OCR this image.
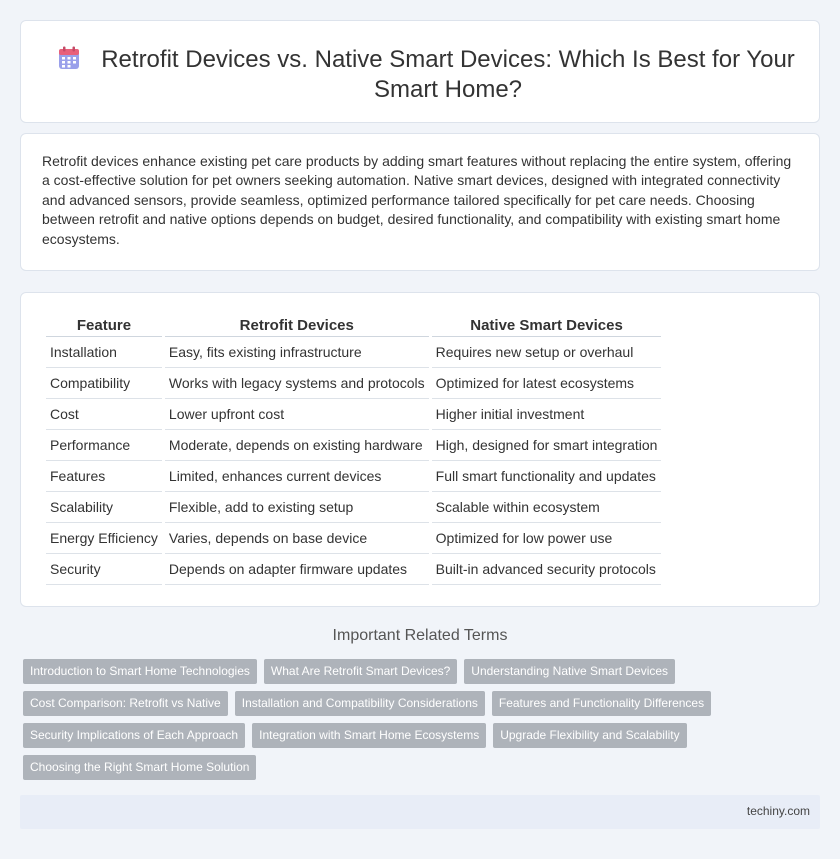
Retrofit Devices vs. Native Smart Devices: Which Is Best for Your Smart Home?

Retrofit devices enhance existing pet care products by adding smart features without replacing the entire system, offering a cost-effective solution for pet owners seeking automation. Native smart devices, designed with integrated connectivity and advanced sensors, provide seamless, optimized performance tailored specifically for pet care needs. Choosing between retrofit and native options depends on budget, desired functionality, and compatibility with existing smart home ecosystems.

Feature	Retrofit Devices	Native Smart Devices
Installation	Easy, fits existing infrastructure	Requires new setup or overhaul
Compatibility	Works with legacy systems and protocols	Optimized for latest ecosystems
Cost	Lower upfront cost	Higher initial investment
Performance	Moderate, depends on existing hardware	High, designed for smart integration
Features	Limited, enhances current devices	Full smart functionality and updates
Scalability	Flexible, add to existing setup	Scalable within ecosystem
Energy Efficiency	Varies, depends on base device	Optimized for low power use
Security	Depends on adapter firmware updates	Built-in advanced security protocols
Important Related Terms
Introduction to Smart Home Technologies	What Are Retrofit Smart Devices?	Understanding Native Smart Devices
Cost Comparison: Retrofit vs Native	Installation and Compatibility Considerations	Features and Functionality Differences
Security Implications of Each Approach	Integration with Smart Home Ecosystems	Upgrade Flexibility and Scalability
Choosing the Right Smart Home Solution
techiny.com
